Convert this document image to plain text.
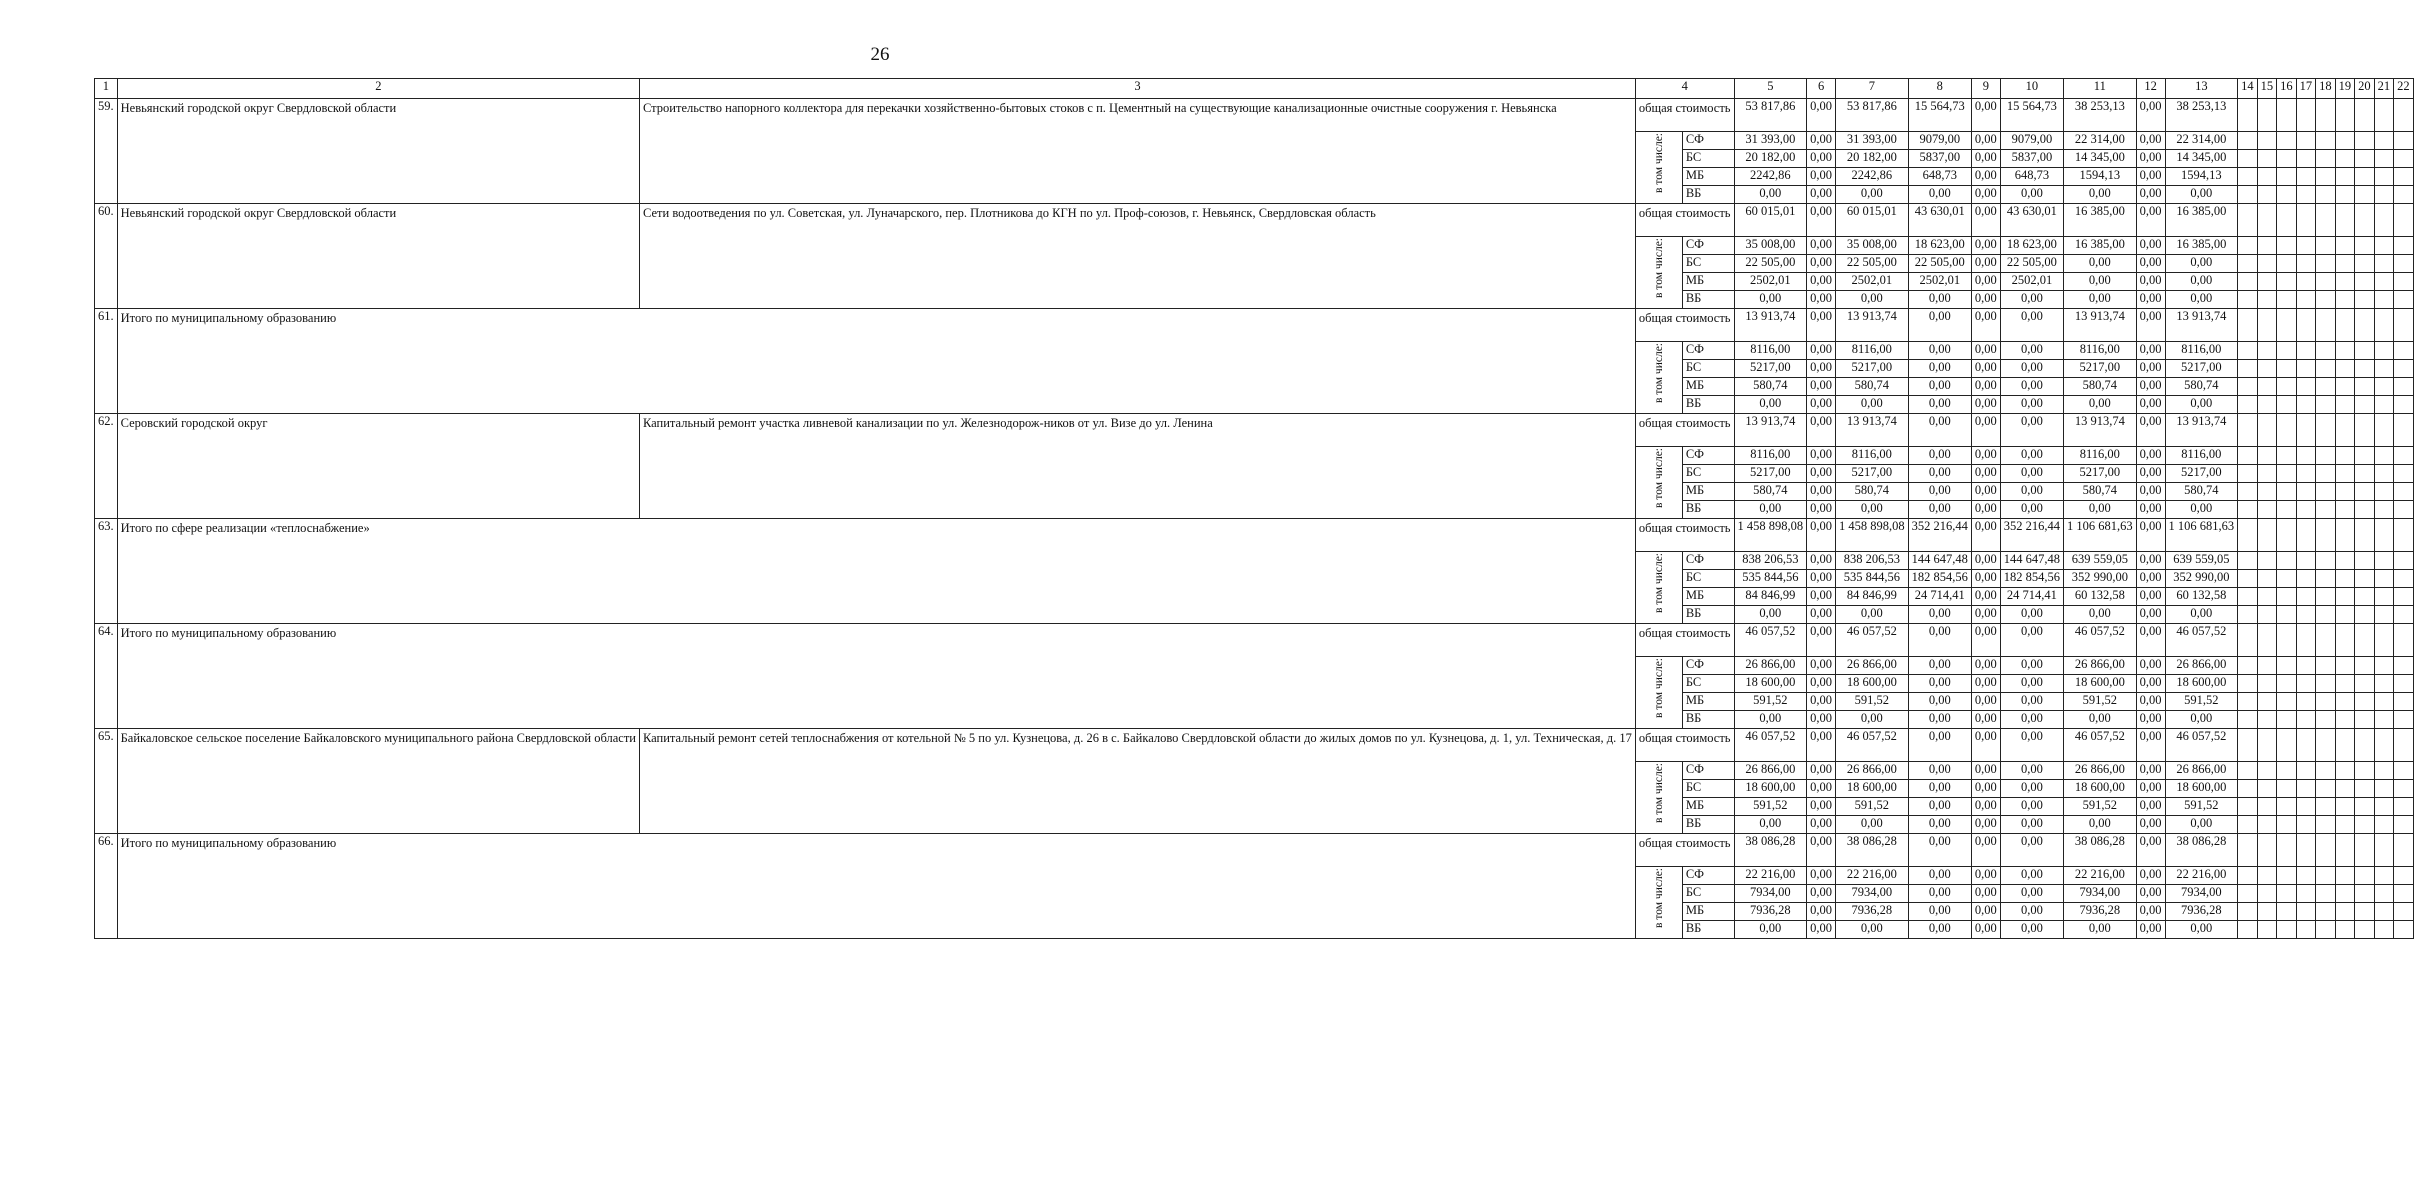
26
1	2	3	4		5	6	7	8	9	10	11	12	13	14	15	16	17	18	19	20	21	22
59.	Невьянский городской округ Свердловской области	Строительство напорного коллектора для перекачки хозяйственно-бытовых стоков с п. Цементный на существующие канализационные очистные сооружения г. Невьянска	общая стоимость		53 817,86	0,00	53 817,86	15 564,73	0,00	15 564,73	38 253,13	0,00	38 253,13									
			в том числе:	СФ	31 393,00	0,00	31 393,00	9079,00	0,00	9079,00	22 314,00	0,00	22 314,00									
				БС	20 182,00	0,00	20 182,00	5837,00	0,00	5837,00	14 345,00	0,00	14 345,00									
				МБ	2242,86	0,00	2242,86	648,73	0,00	648,73	1594,13	0,00	1594,13									
				ВБ	0,00	0,00	0,00	0,00	0,00	0,00	0,00	0,00	0,00									
60.	Невьянский городской округ Свердловской области	Сети водоотведения по ул. Советская, ул. Луначарского, пер. Плотникова до КГН по ул. Проф-союзов, г. Невьянск, Свердловская область	общая стоимость		60 015,01	0,00	60 015,01	43 630,01	0,00	43 630,01	16 385,00	0,00	16 385,00									
			в том числе:	СФ	35 008,00	0,00	35 008,00	18 623,00	0,00	18 623,00	16 385,00	0,00	16 385,00									
				БС	22 505,00	0,00	22 505,00	22 505,00	0,00	22 505,00	0,00	0,00	0,00									
				МБ	2502,01	0,00	2502,01	2502,01	0,00	2502,01	0,00	0,00	0,00									
				ВБ	0,00	0,00	0,00	0,00	0,00	0,00	0,00	0,00	0,00									
61.	Итого по муниципальному образованию		общая стоимость		13 913,74	0,00	13 913,74	0,00	0,00	0,00	13 913,74	0,00	13 913,74									
			в том числе:	СФ	8116,00	0,00	8116,00	0,00	0,00	0,00	8116,00	0,00	8116,00									
				БС	5217,00	0,00	5217,00	0,00	0,00	0,00	5217,00	0,00	5217,00									
				МБ	580,74	0,00	580,74	0,00	0,00	0,00	580,74	0,00	580,74									
				ВБ	0,00	0,00	0,00	0,00	0,00	0,00	0,00	0,00	0,00									
62.	Серовский городской округ	Капитальный ремонт участка ливневой канализации по ул. Железнодорож-ников от ул. Визе до ул. Ленина	общая стоимость		13 913,74	0,00	13 913,74	0,00	0,00	0,00	13 913,74	0,00	13 913,74									
			в том числе:	СФ	8116,00	0,00	8116,00	0,00	0,00	0,00	8116,00	0,00	8116,00									
				БС	5217,00	0,00	5217,00	0,00	0,00	0,00	5217,00	0,00	5217,00									
				МБ	580,74	0,00	580,74	0,00	0,00	0,00	580,74	0,00	580,74									
				ВБ	0,00	0,00	0,00	0,00	0,00	0,00	0,00	0,00	0,00									
63.	Итого по сфере реализации «теплоснабжение»		общая стоимость		1 458 898,08	0,00	1 458 898,08	352 216,44	0,00	352 216,44	1 106 681,63	0,00	1 106 681,63									
			в том числе:	СФ	838 206,53	0,00	838 206,53	144 647,48	0,00	144 647,48	639 559,05	0,00	639 559,05									
				БС	535 844,56	0,00	535 844,56	182 854,56	0,00	182 854,56	352 990,00	0,00	352 990,00									
				МБ	84 846,99	0,00	84 846,99	24 714,41	0,00	24 714,41	60 132,58	0,00	60 132,58									
				ВБ	0,00	0,00	0,00	0,00	0,00	0,00	0,00	0,00	0,00									
64.	Итого по муниципальному образованию		общая стоимость		46 057,52	0,00	46 057,52	0,00	0,00	0,00	46 057,52	0,00	46 057,52									
			в том числе:	СФ	26 866,00	0,00	26 866,00	0,00	0,00	0,00	26 866,00	0,00	26 866,00									
				БС	18 600,00	0,00	18 600,00	0,00	0,00	0,00	18 600,00	0,00	18 600,00									
				МБ	591,52	0,00	591,52	0,00	0,00	0,00	591,52	0,00	591,52									
				ВБ	0,00	0,00	0,00	0,00	0,00	0,00	0,00	0,00	0,00									
65.	Байкаловское сельское поселение Байкаловского муниципального района Свердловской области	Капитальный ремонт сетей теплоснабжения от котельной № 5 по ул. Кузнецова, д. 26 в с. Байкалово Свердловской области до жилых домов по ул. Кузнецова, д. 1, ул. Техническая, д. 17	общая стоимость		46 057,52	0,00	46 057,52	0,00	0,00	0,00	46 057,52	0,00	46 057,52									
			в том числе:	СФ	26 866,00	0,00	26 866,00	0,00	0,00	0,00	26 866,00	0,00	26 866,00									
				БС	18 600,00	0,00	18 600,00	0,00	0,00	0,00	18 600,00	0,00	18 600,00									
				МБ	591,52	0,00	591,52	0,00	0,00	0,00	591,52	0,00	591,52									
				ВБ	0,00	0,00	0,00	0,00	0,00	0,00	0,00	0,00	0,00									
66.	Итого по муниципальному образованию		общая стоимость		38 086,28	0,00	38 086,28	0,00	0,00	0,00	38 086,28	0,00	38 086,28									
			в том числе:	СФ	22 216,00	0,00	22 216,00	0,00	0,00	0,00	22 216,00	0,00	22 216,00									
				БС	7934,00	0,00	7934,00	0,00	0,00	0,00	7934,00	0,00	7934,00									
				МБ	7936,28	0,00	7936,28	0,00	0,00	0,00	7936,28	0,00	7936,28									
				ВБ	0,00	0,00	0,00	0,00	0,00	0,00	0,00	0,00	0,00									
